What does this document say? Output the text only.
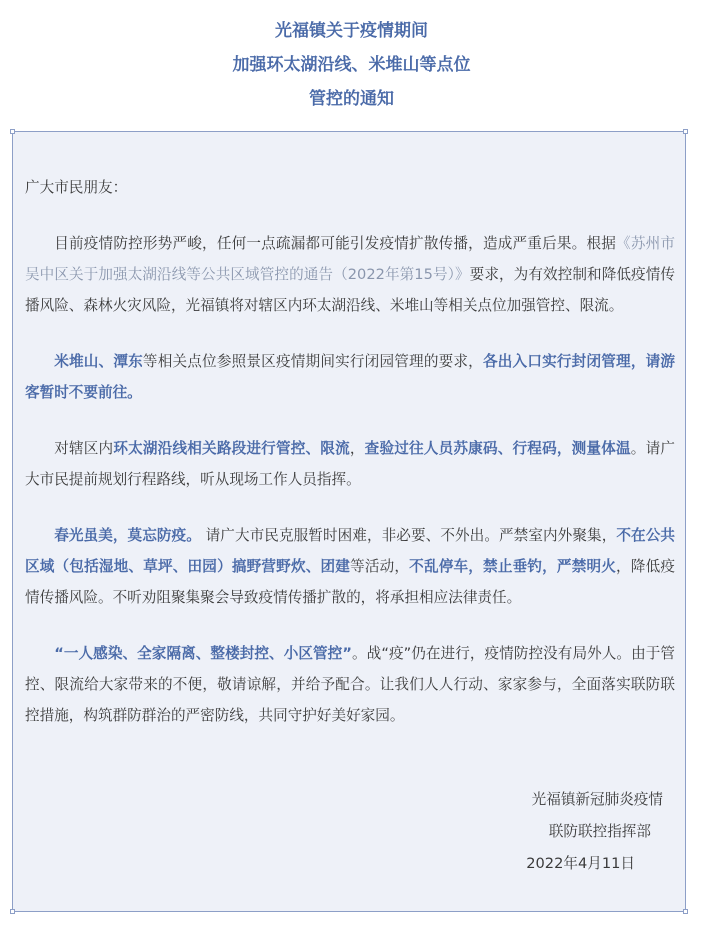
光福镇关于疫情期间
加强环太湖沿线、米堆山等点位
管控的通知

广大市民朋友：

目前疫情防控形势严峻，任何一点疏漏都可能引发疫情扩散传播，造成严重后果。根据《苏州市吴中区关于加强太湖沿线等公共区域管控的通告（2022年第15号）》要求，为有效控制和降低疫情传播风险、森林火灾风险，光福镇将对辖区内环太湖沿线、米堆山等相关点位加强管控、限流。

米堆山、潭东等相关点位参照景区疫情期间实行闭园管理的要求，各出入口实行封闭管理，请游客暂时不要前往。

对辖区内环太湖沿线相关路段进行管控、限流，查验过往人员苏康码、行程码，测量体温。请广大市民提前规划行程路线，听从现场工作人员指挥。

春光虽美，莫忘防疫。 请广大市民克服暂时困难，非必要、不外出。严禁室内外聚集，不在公共区域（包括湿地、草坪、田园）搞野营野炊、团建等活动，不乱停车，禁止垂钓，严禁明火，降低疫情传播风险。不听劝阻聚集聚会导致疫情传播扩散的，将承担相应法律责任。

“一人感染、全家隔离、整楼封控、小区管控”。战“疫”仍在进行，疫情防控没有局外人。由于管控、限流给大家带来的不便，敬请谅解，并给予配合。让我们人人行动、家家参与，全面落实联防联控措施，构筑群防群治的严密防线，共同守护好美好家园。

光福镇新冠肺炎疫情
联防联控指挥部
2022年4月11日
